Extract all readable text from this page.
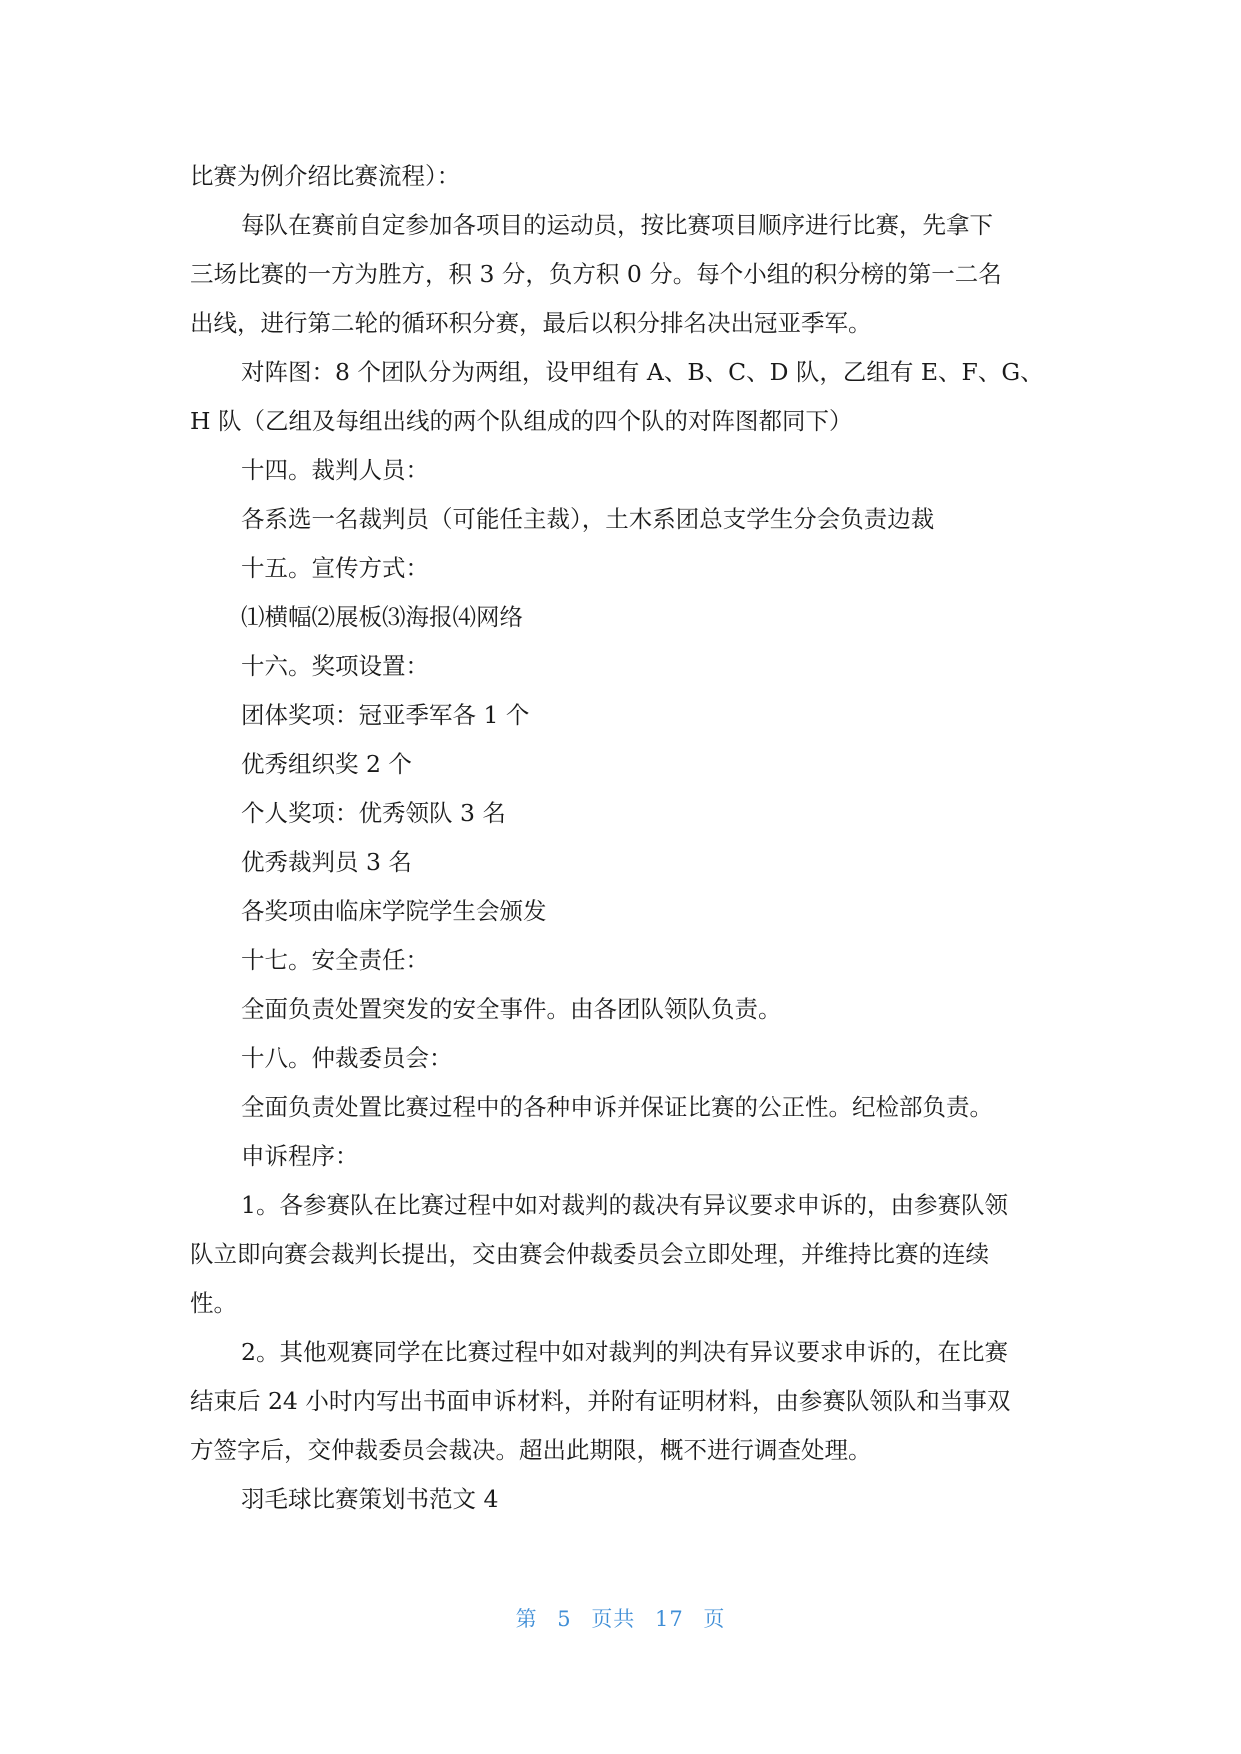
比赛为例介绍比赛流程）：
每队在赛前自定参加各项目的运动员，按比赛项目顺序进行比赛，先拿下
三场比赛的一方为胜方，积 3 分，负方积 0 分。每个小组的积分榜的第一二名
出线，进行第二轮的循环积分赛，最后以积分排名决出冠亚季军。
对阵图：8 个团队分为两组，设甲组有 A、B、C、D 队，乙组有 E、F、G、
H 队（乙组及每组出线的两个队组成的四个队的对阵图都同下）
十四。裁判人员：
各系选一名裁判员（可能任主裁），土木系团总支学生分会负责边裁
十五。宣传方式：
⑴横幅⑵展板⑶海报⑷网络
十六。奖项设置：
团体奖项：冠亚季军各 1 个
优秀组织奖 2 个
个人奖项：优秀领队 3 名
优秀裁判员 3 名
各奖项由临床学院学生会颁发
十七。安全责任：
全面负责处置突发的安全事件。由各团队领队负责。
十八。仲裁委员会：
全面负责处置比赛过程中的各种申诉并保证比赛的公正性。纪检部负责。
申诉程序：
1。各参赛队在比赛过程中如对裁判的裁决有异议要求申诉的，由参赛队领
队立即向赛会裁判长提出，交由赛会仲裁委员会立即处理，并维持比赛的连续
性。
2。其他观赛同学在比赛过程中如对裁判的判决有异议要求申诉的，在比赛
结束后 24 小时内写出书面申诉材料，并附有证明材料，由参赛队领队和当事双
方签字后，交仲裁委员会裁决。超出此期限，概不进行调查处理。
羽毛球比赛策划书范文 4
第 5 页共 17 页
